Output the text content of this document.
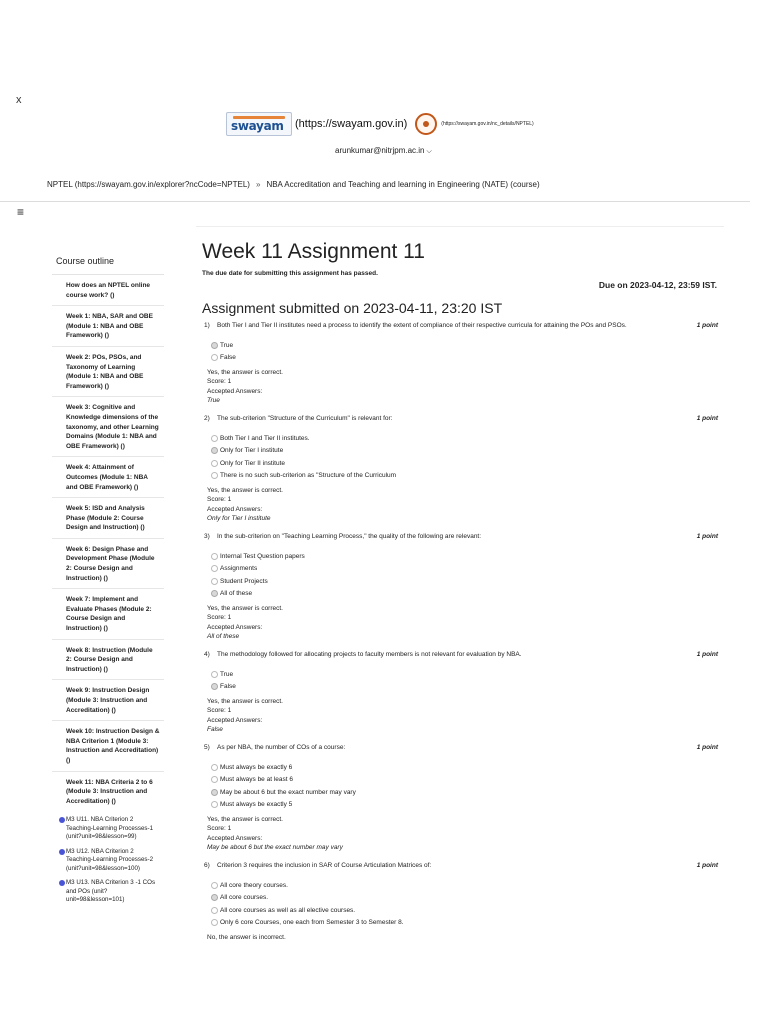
x
swayam (https://swayam.gov.in)	(https://swayam.gov.in/nc_details/NPTEL)
arunkumar@nitrjpm.ac.in ⌵
NPTEL (https://swayam.gov.in/explorer?ncCode=NPTEL) » NBA Accreditation and Teaching and learning in Engineering (NATE) (course)
≡
Course outline
How does an NPTEL online course work? ()
Week 1: NBA, SAR and OBE (Module 1: NBA and OBE Framework) ()
Week 2: POs, PSOs, and Taxonomy of Learning (Module 1: NBA and OBE Framework) ()
Week 3: Cognitive and Knowledge dimensions of the taxonomy, and other Learning Domains (Module 1: NBA and OBE Framework) ()
Week 4: Attainment of Outcomes (Module 1: NBA and OBE Framework) ()
Week 5: ISD and Analysis Phase (Module 2: Course Design and Instruction) ()
Week 6: Design Phase and Development Phase (Module 2: Course Design and Instruction) ()
Week 7: Implement and Evaluate Phases (Module 2: Course Design and Instruction) ()
Week 8: Instruction (Module 2: Course Design and Instruction) ()
Week 9: Instruction Design (Module 3: Instruction and Accreditation) ()
Week 10: Instruction Design & NBA Criterion 1 (Module 3: Instruction and Accreditation) ()
Week 11: NBA Criteria 2 to 6 (Module 3: Instruction and Accreditation) ()
M3 U11. NBA Criterion 2 Teaching-Learning Processes-1 (unit?unit=98&lesson=99)
M3 U12. NBA Criterion 2 Teaching-Learning Processes-2 (unit?unit=98&lesson=100)
M3 U13. NBA Criterion 3 -1 COs and POs (unit?unit=98&lesson=101)
Week 11 Assignment 11
The due date for submitting this assignment has passed.
Due on 2023-04-12, 23:59 IST.
Assignment submitted on 2023-04-11, 23:20 IST
1)	Both Tier I and Tier II institutes need a process to identify the extent of compliance of their respective curricula for attaining the POs and PSOs.	1 point
True
False
Yes, the answer is correct.
Score: 1
Accepted Answers:
True
2)	The sub-criterion "Structure of the Curriculum" is relevant for:	1 point
Both Tier I and Tier II institutes.
Only for Tier I institute
Only for Tier II institute
There is no such sub-criterion as "Structure of the Curriculum
Yes, the answer is correct.
Score: 1
Accepted Answers:
Only for Tier I institute
3)	In the sub-criterion on "Teaching Learning Process," the quality of the following are relevant:	1 point
Internal Test Question papers
Assignments
Student Projects
All of these
Yes, the answer is correct.
Score: 1
Accepted Answers:
All of these
4)	The methodology followed for allocating projects to faculty members is not relevant for evaluation by NBA.	1 point
True
False
Yes, the answer is correct.
Score: 1
Accepted Answers:
False
5)	As per NBA, the number of COs of a course:	1 point
Must always be exactly 6
Must always be at least 6
May be about 6 but the exact number may vary
Must always be exactly 5
Yes, the answer is correct.
Score: 1
Accepted Answers:
May be about 6 but the exact number may vary
6)	Criterion 3 requires the inclusion in SAR of Course Articulation Matrices of:	1 point
All core theory courses.
All core courses.
All core courses as well as all elective courses.
Only 6 core Courses, one each from Semester 3 to Semester 8.
No, the answer is incorrect.
